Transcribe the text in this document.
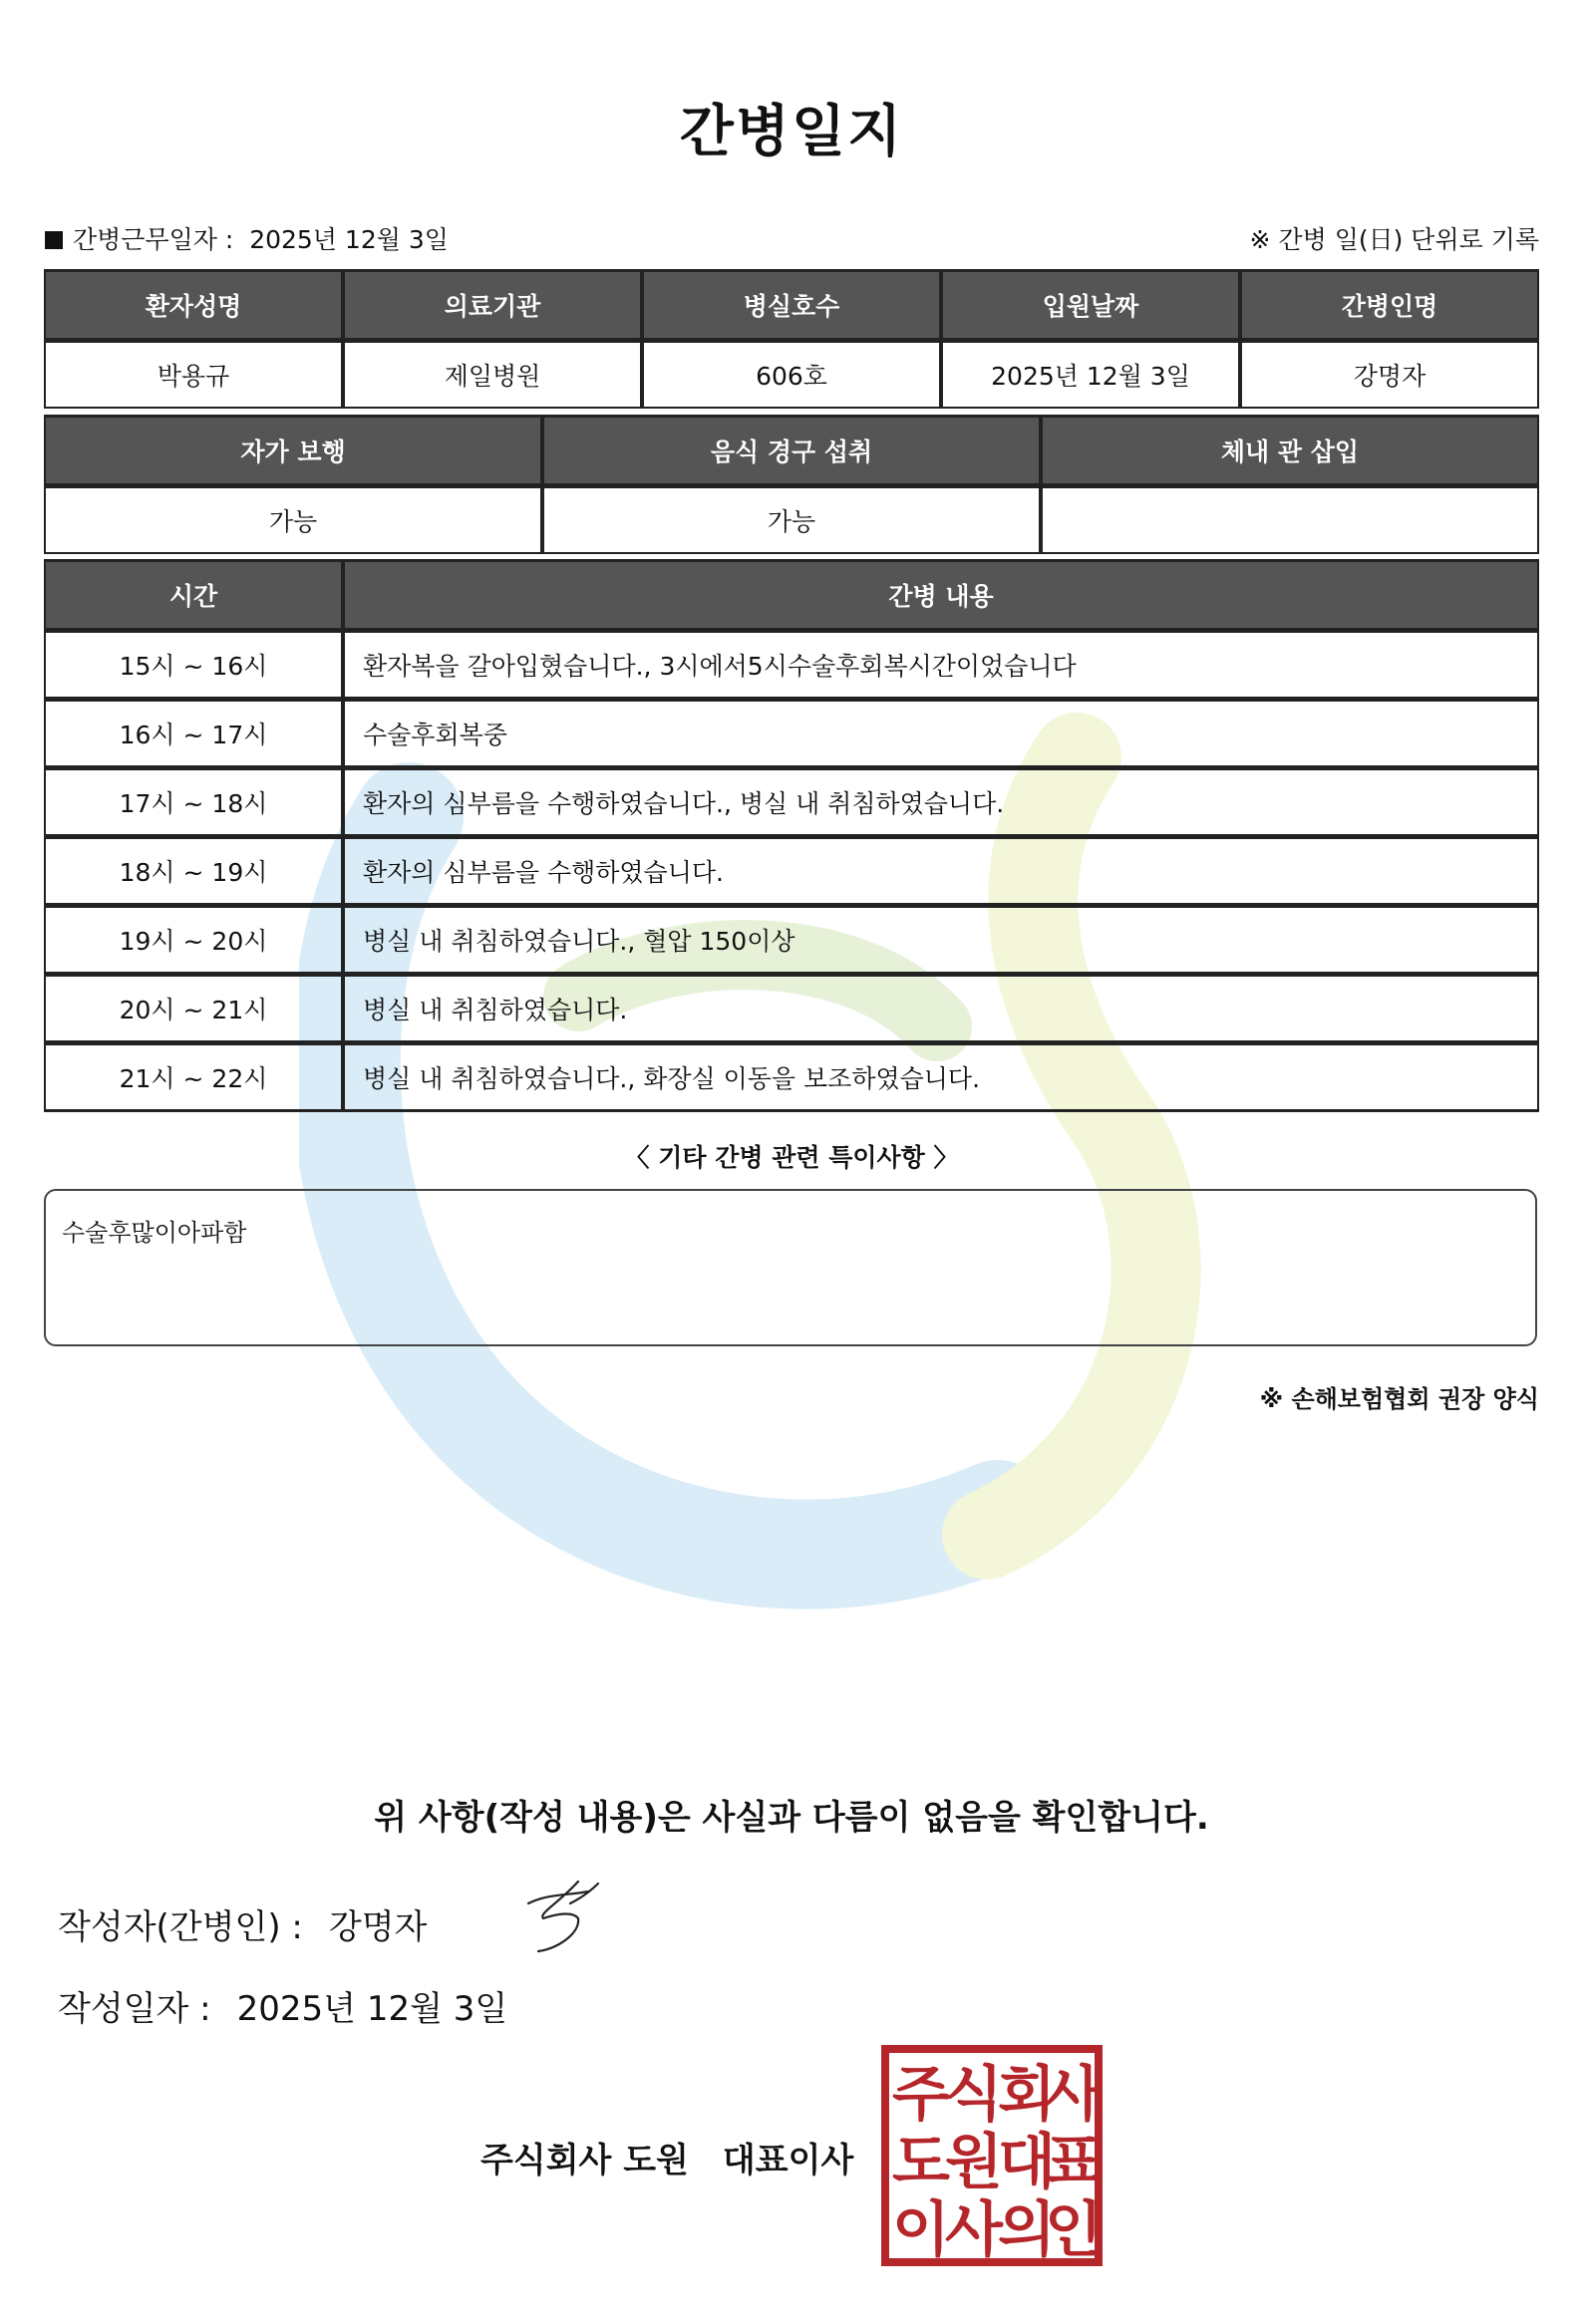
간병일지
간병근무일자 : 2025년 12월 3일	※ 간병 일(日) 단위로 기록
환자성명	의료기관	병실호수	입원날짜	간병인명
박용규	제일병원	606호	2025년 12월 3일	강명자
자가 보행	음식 경구 섭취	체내 관 삽입
가능	가능	
시간	간병 내용
15시 ~ 16시	환자복을 갈아입혔습니다., 3시에서5시수술후회복시간이었습니다
16시 ~ 17시	수술후회복중
17시 ~ 18시	환자의 심부름을 수행하였습니다., 병실 내 취침하였습니다.
18시 ~ 19시	환자의 심부름을 수행하였습니다.
19시 ~ 20시	병실 내 취침하였습니다., 혈압 150이상
20시 ~ 21시	병실 내 취침하였습니다.
21시 ~ 22시	병실 내 취침하였습니다., 화장실 이동을 보조하였습니다.
〈 기타 간병 관련 특이사항 〉
수술후많이아파함
※ 손해보험협회 권장 양식
위 사항(작성 내용)은 사실과 다름이 없음을 확인합니다.
작성자(간병인) : 강명자
작성일자 : 2025년 12월 3일
주식회사 도원 대표이사
주
식
회
사
도
원
대
표
이
사
의
인
